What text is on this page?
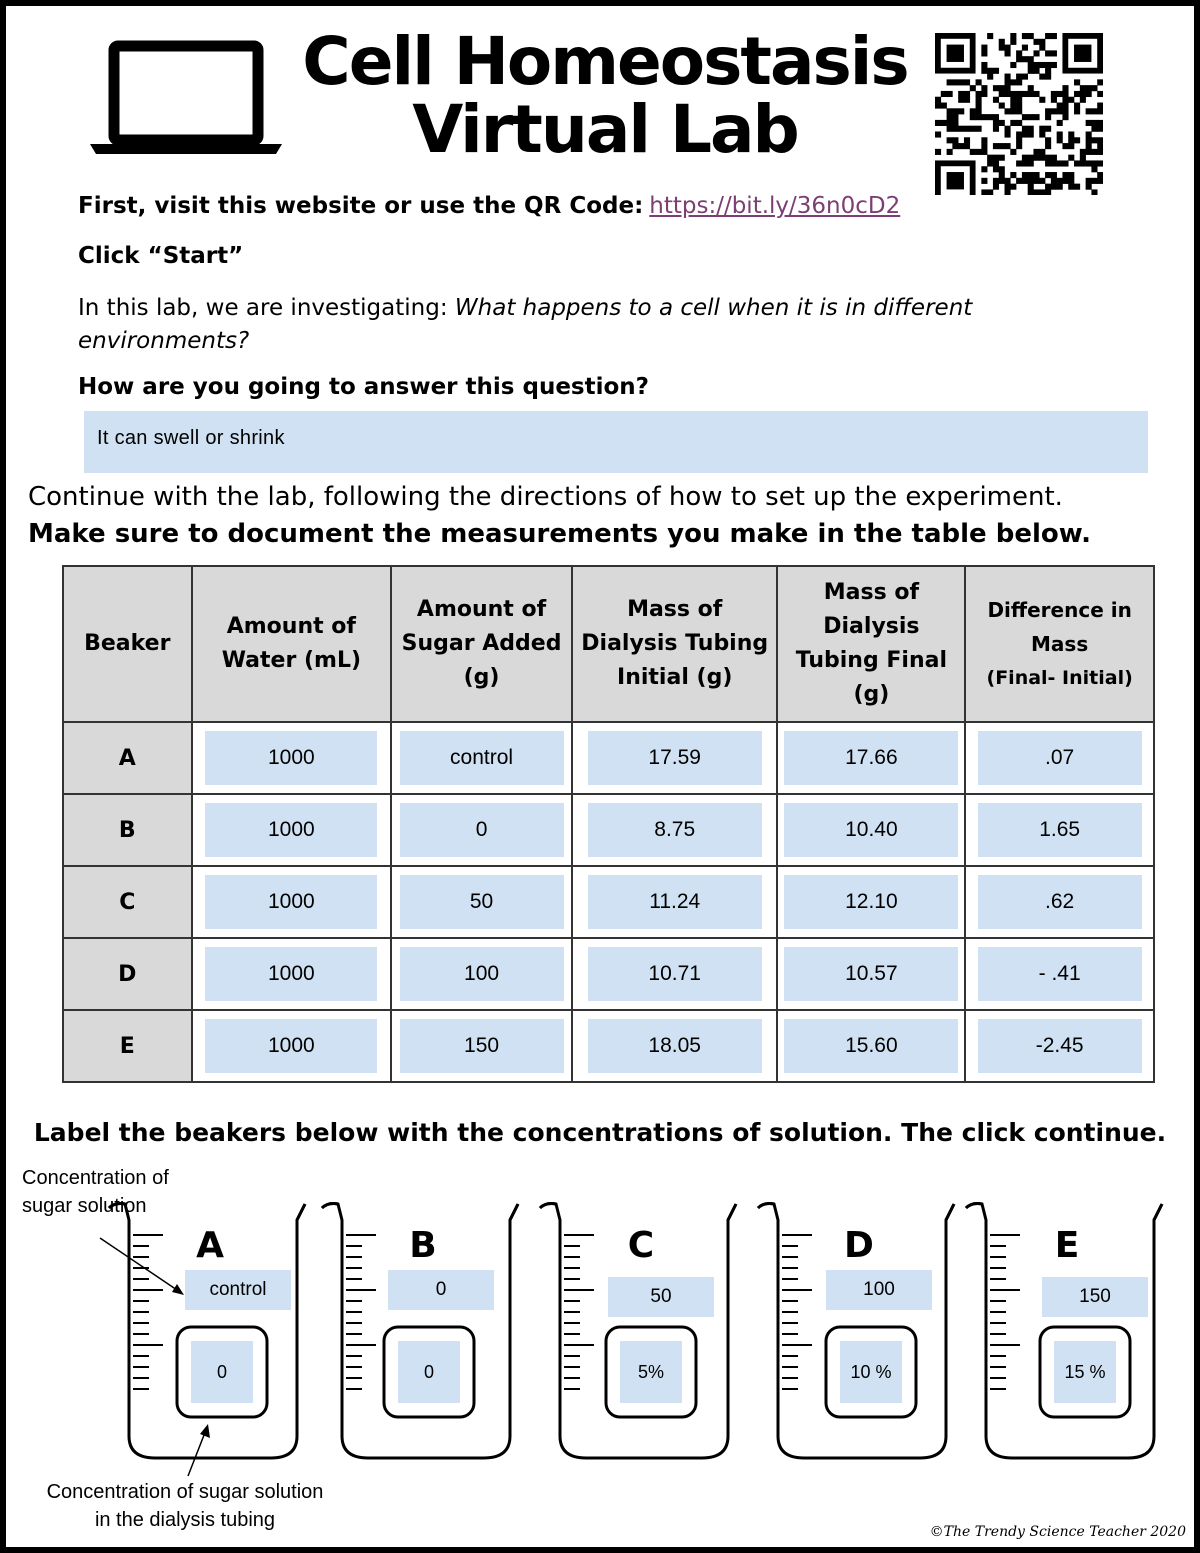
Cell Homeostasis
Virtual Lab
First, visit this website or use the QR Code: https://bit.ly/36n0cD2
Click “Start”
In this lab, we are investigating: What happens to a cell when it is in different environments?
How are you going to answer this question?
It can swell or shrink
Continue with the lab, following the directions of how to set up the experiment.
Make sure to document the measurements you make in the table below.
Beaker	Amount of Water (mL)	Amount of Sugar Added (g)	Mass of Dialysis Tubing Initial (g)	Mass of Dialysis Tubing Final (g)	Difference in Mass
(Final- Initial)

A	1000	control	17.59	17.66	.07

B	1000	0	8.75	10.40	1.65

C	1000	50	11.24	12.10	.62

D	1000	100	10.71	10.57	- .41

E	1000	150	18.05	15.60	-2.45
Label the beakers below with the concentrations of solution. The click continue.
Concentration of sugar solution
Concentration of sugar solution in the dialysis tubing
A
control
0
B
0
0
C
50
5%
D
100
10 %
E
150
15 %
©The Trendy Science Teacher 2020
